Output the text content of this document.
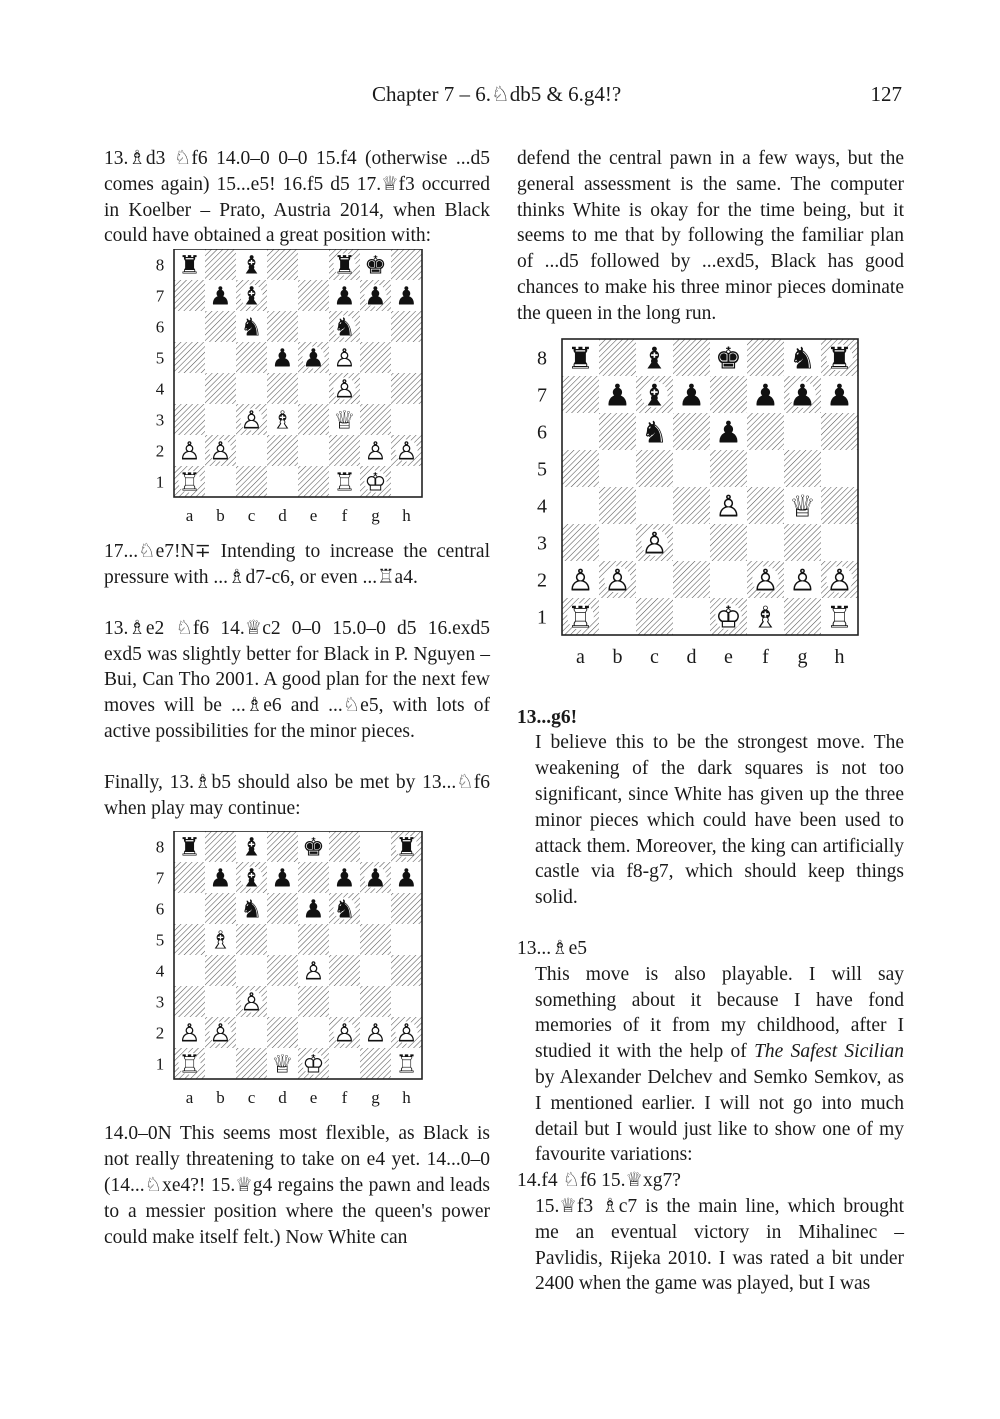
Chapter 7 – 6.♘db5 & 6.g4!?	127

13.♗d3 ♘f6 14.0–0 0–0 15.f4 (otherwise ...d5 comes again) 15...e5! 16.f5 d5 17.♕f3 occurred in Koelber – Prato, Austria 2014, when Black could have obtained a great position with:

♜ ♝	♜ ♚
8
♟ ♝	♟ ♟ ♟
7
♞	♞
6
♟ ♟ ♙
5
♙
4
♙ ♗ ♕
3
♙ ♙	♙ ♙
2
♖	♖ ♔
1
a b c d e f g h

17...♘e7!N∓ Intending to increase the central pressure with ...♗d7-c6, or even ...♖a4.

13.♗e2 ♘f6 14.♕c2 0–0 15.0–0 d5 16.exd5 exd5 was slightly better for Black in P. Nguyen – Bui, Can Tho 2001. A good plan for the next few moves will be ...♗e6 and ...♘e5, with lots of active possibilities for the minor pieces.

Finally, 13.♗b5 should also be met by 13...♘f6 when play may continue:

♜ ♝ ♚	♜
8
♟ ♝ ♟ ♟ ♟ ♟
7
♞ ♟ ♞
6
♗
5
♙
4
♙
3
♙ ♙	♙ ♙ ♙
2
♖	♕ ♔	♖
1
a b c d e f g h

14.0–0N This seems most flexible, as Black is not really threatening to take on e4 yet. 14...0–0 (14...♘xe4?! 15.♕g4 regains the pawn and leads to a messier position where the queen's power could make itself felt.) Now White can

defend the central pawn in a few ways, but the general assessment is the same. The computer thinks White is okay for the time being, but it seems to me that by following the familiar plan of ...d5 followed by ...exd5, Black has good chances to make his three minor pieces dominate the queen in the long run.

♜ ♝ ♚ ♞ ♜
8
♟ ♝ ♟ ♟ ♟ ♟
7
♞ ♟
6
5
♙ ♕
4
♙
3
♙ ♙	♙ ♙ ♙
2
♖	♔ ♗ ♖
1
a b c d e f g h

13...g6!

I believe this to be the strongest move. The weakening of the dark squares is not too significant, since White has given up the three minor pieces which could have been used to attack them. Moreover, the king can artificially castle via f8-g7, which should keep things solid.

13...♗e5

This move is also playable. I will say something about it because I have fond memories of it from my childhood, after I studied it with the help of The Safest Sicilian by Alexander Delchev and Semko Semkov, as I mentioned earlier. I will not go into much detail but I would just like to show one of my favourite variations:

14.f4 ♘f6 15.♕xg7?

15.♕f3 ♗c7 is the main line, which brought me an eventual victory in Mihalinec – Pavlidis, Rijeka 2010. I was rated a bit under 2400 when the game was played, but I was
